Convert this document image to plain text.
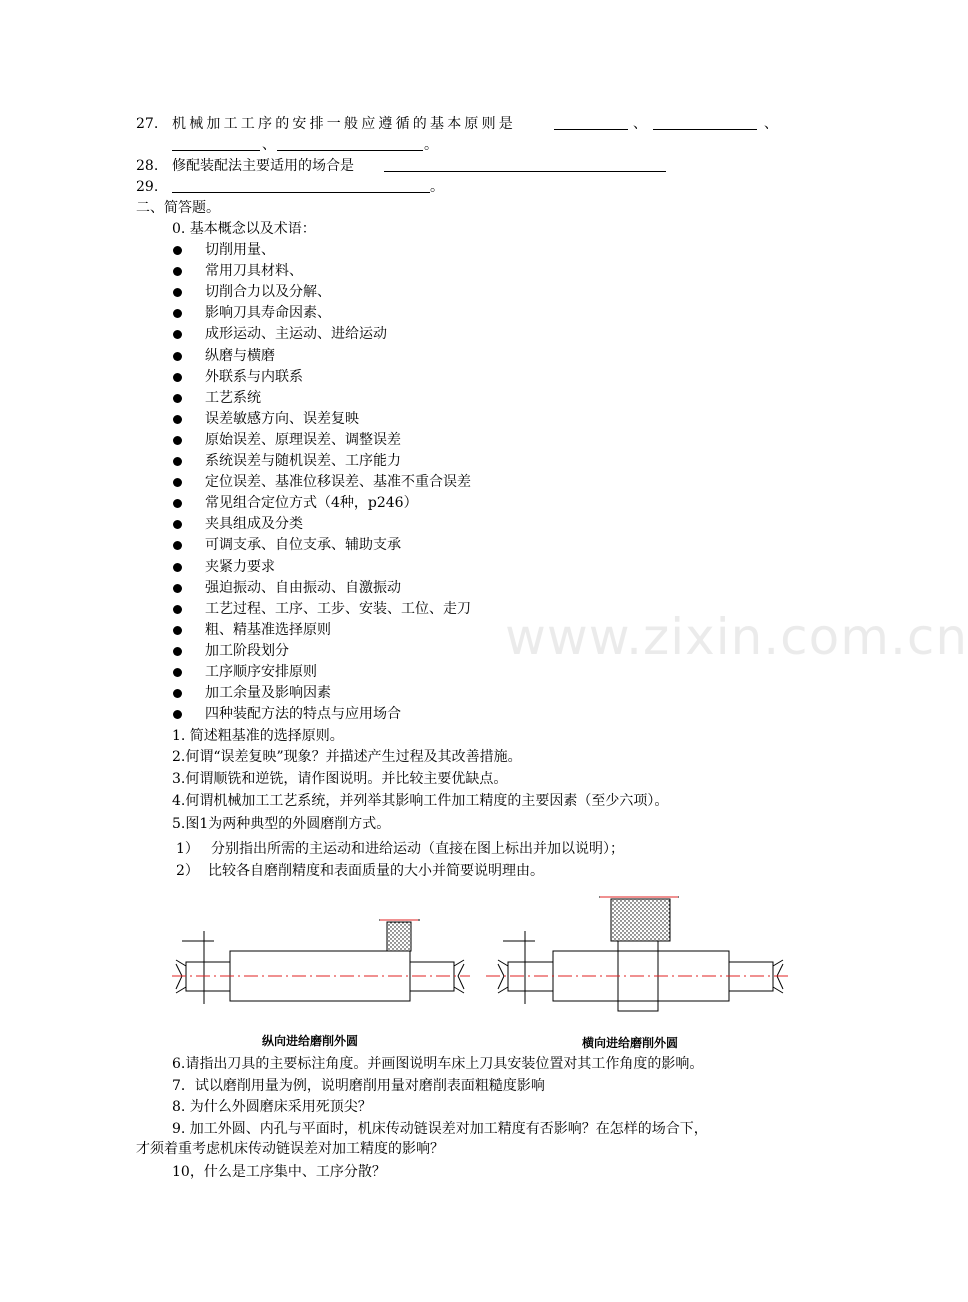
27. 机械加工工序的安排一般应遵循的基本原则是	、	、
、	。
28. 修配装配法主要适用的场合是
29.	。
二、简答题。
0. 基本概念以及术语：
切削用量、
常用刀具材料、
切削合力以及分解、
影响刀具寿命因素、
成形运动、主运动、进给运动
纵磨与横磨
外联系与内联系
工艺系统
误差敏感方向、误差复映
原始误差、原理误差、调整误差
系统误差与随机误差、工序能力
定位误差、基准位移误差、基准不重合误差
常见组合定位方式（4种，p246）
夹具组成及分类
可调支承、自位支承、辅助支承
夹紧力要求
强迫振动、自由振动、自激振动
工艺过程、工序、工步、安装、工位、走刀
粗、精基准选择原则
加工阶段划分
工序顺序安排原则
加工余量及影响因素
四种装配方法的特点与应用场合
1. 简述粗基准的选择原则。
2.何谓“误差复映”现象？并描述产生过程及其改善措施。
3.何谓顺铣和逆铣，请作图说明。并比较主要优缺点。
4.何谓机械加工工艺系统，并列举其影响工件加工精度的主要因素（至少六项）。
5.图1为两种典型的外圆磨削方式。
1） 分别指出所需的主运动和进给运动（直接在图上标出并加以说明）；
2） 比较各自磨削精度和表面质量的大小并简要说明理由。
纵向进给磨削外圆	横向进给磨削外圆
6.请指出刀具的主要标注角度。并画图说明车床上刀具安装位置对其工作角度的影响。
7．试以磨削用量为例，说明磨削用量对磨削表面粗糙度影响
8. 为什么外圆磨床采用死顶尖？
9. 加工外圆、内孔与平面时，机床传动链误差对加工精度有否影响？在怎样的场合下，
才须着重考虑机床传动链误差对加工精度的影响？
10，什么是工序集中、工序分散？
www.zixin.com.cn
